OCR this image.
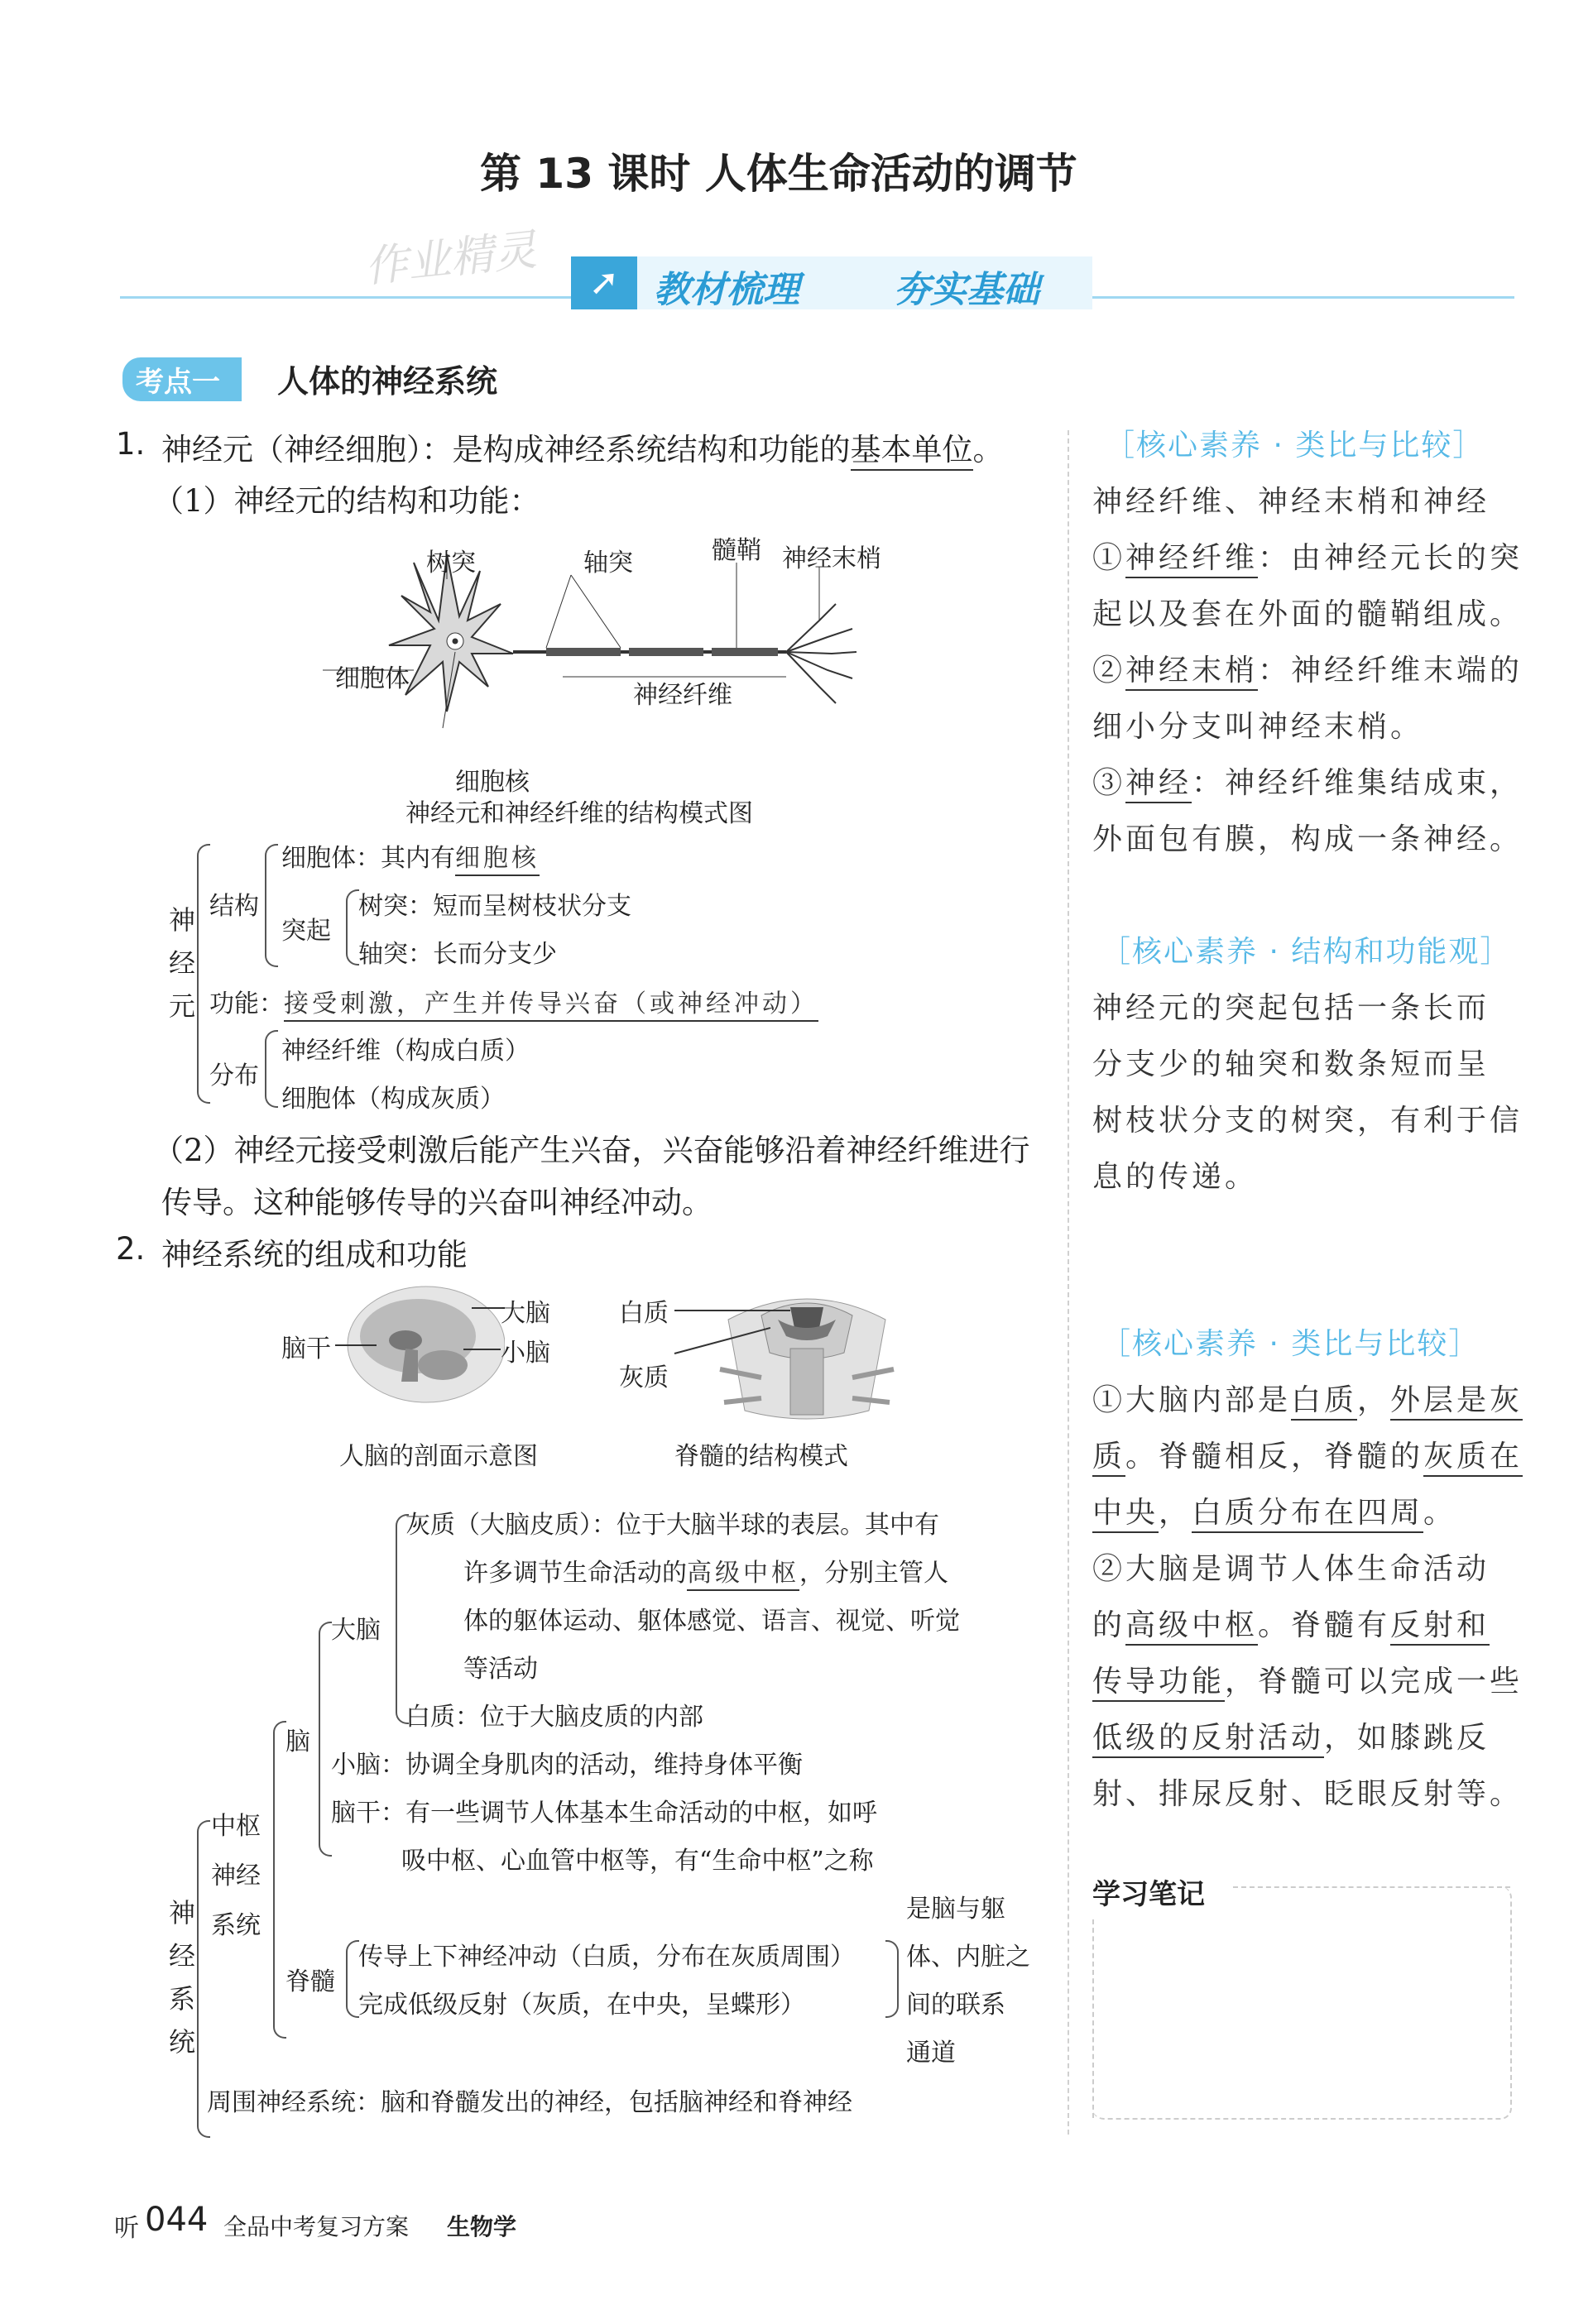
第 13 课时 人体生命活动的调节
作业精灵	➚ 教材梳理	夯实基础
考点一	人体的神经系统
1. 神经元（神经细胞）：是构成神经系统结构和功能的基本单位。
（1）神经元的结构和功能：
树突	轴突	髓鞘 神经末梢
细胞体
神经纤维
细胞核
神经元和神经纤维的结构模式图
神经元 结构
细胞体：其内有细胞核
突起
树突：短而呈树枝状分支
轴突：长而分支少
功能：接受刺激，产生并传导兴奋（或神经冲动）
分布
神经纤维（构成白质）
细胞体（构成灰质）
（2）神经元接受刺激后能产生兴奋，兴奋能够沿着神经纤维进行
传导。这种能够传导的兴奋叫神经冲动。
2. 神经系统的组成和功能
大脑
小脑
脑干
人脑的剖面示意图
白质
灰质
脊髓的结构模式
神经系统
中枢神经系统
脑
大脑
灰质（大脑皮质）：位于大脑半球的表层。其中有
许多调节生命活动的高级中枢，分别主管人
体的躯体运动、躯体感觉、语言、视觉、听觉
等活动
白质：位于大脑皮质的内部
小脑：协调全身肌肉的活动，维持身体平衡
脑干：有一些调节人体基本生命活动的中枢，如呼
吸中枢、心血管中枢等，有“生命中枢”之称
脊髓
传导上下神经冲动（白质，分布在灰质周围）
完成低级反射（灰质，在中央，呈蝶形）
是脑与躯
体、内脏之
间的联系
通道
周围神经系统：脑和脊髓发出的神经，包括脑神经和脊神经
［核心素养 · 类比与比较］
神经纤维、神经末梢和神经
①神经纤维：由神经元长的突
起以及套在外面的髓鞘组成。
②神经末梢：神经纤维末端的
细小分支叫神经末梢。
③神经：神经纤维集结成束，
外面包有膜，构成一条神经。
［核心素养 · 结构和功能观］
神经元的突起包括一条长而
分支少的轴突和数条短而呈
树枝状分支的树突，有利于信
息的传递。
［核心素养 · 类比与比较］
①大脑内部是白质，外层是灰
质。脊髓相反，脊髓的灰质在
中央，白质分布在四周。
②大脑是调节人体生命活动
的高级中枢。脊髓有反射和
传导功能，脊髓可以完成一些
低级的反射活动，如膝跳反
射、排尿反射、眨眼反射等。
学习笔记
听 044 全品中考复习方案 生物学
